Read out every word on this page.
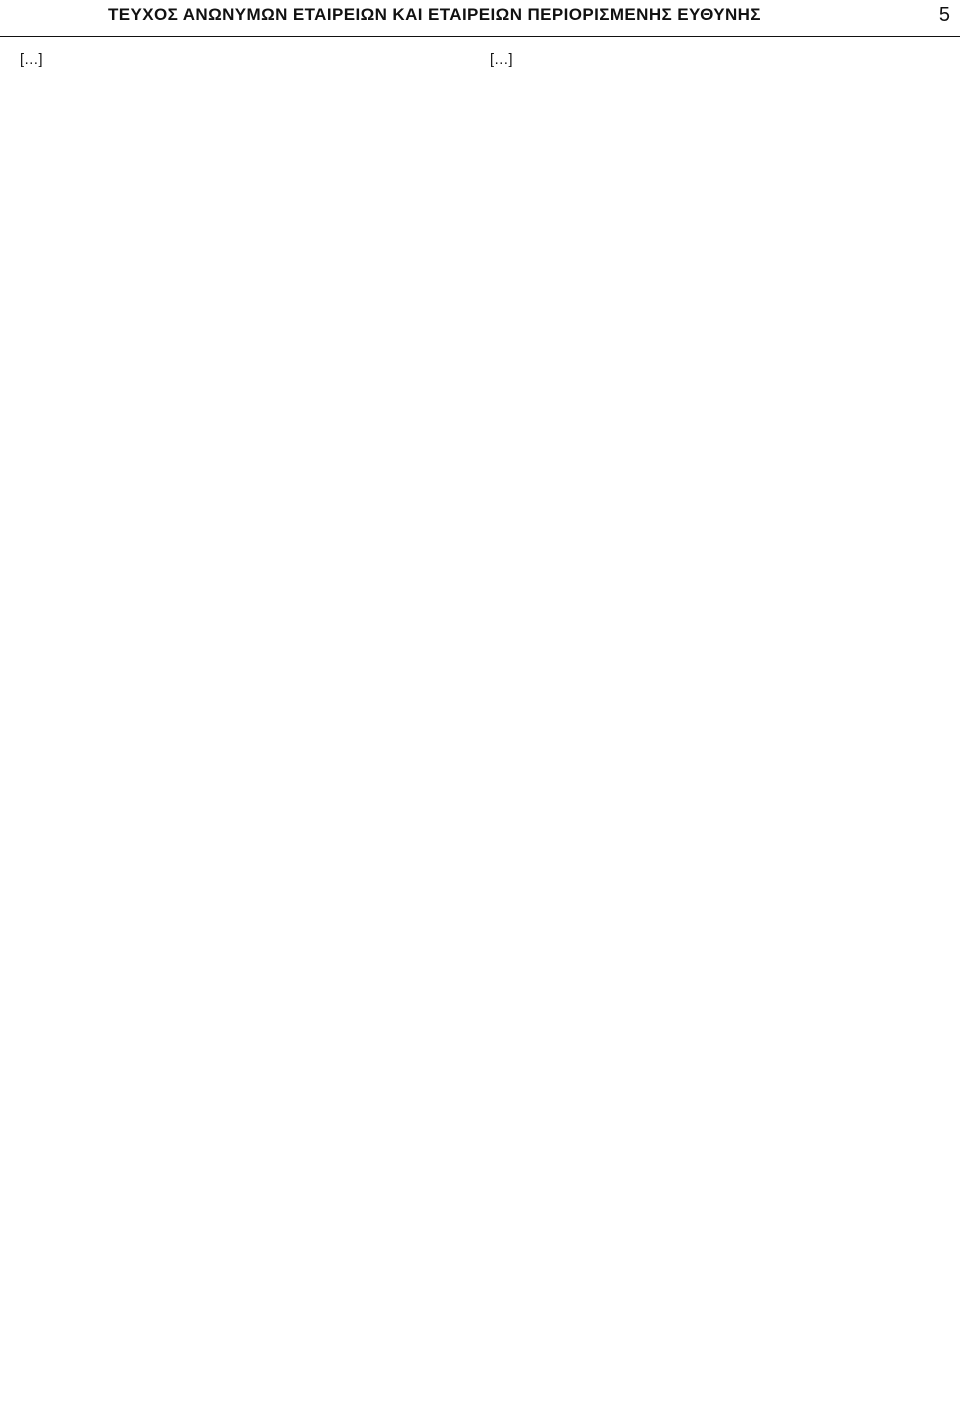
ΤΕΥΧΟΣ ΑΝΩΝΥΜΩΝ ΕΤΑΙΡΕΙΩΝ ΚΑΙ ΕΤΑΙΡΕΙΩΝ ΠΕΡΙΟΡΙΣΜΕΝΗΣ ΕΥΘΥΝΗΣ	5
[…]	[…]
